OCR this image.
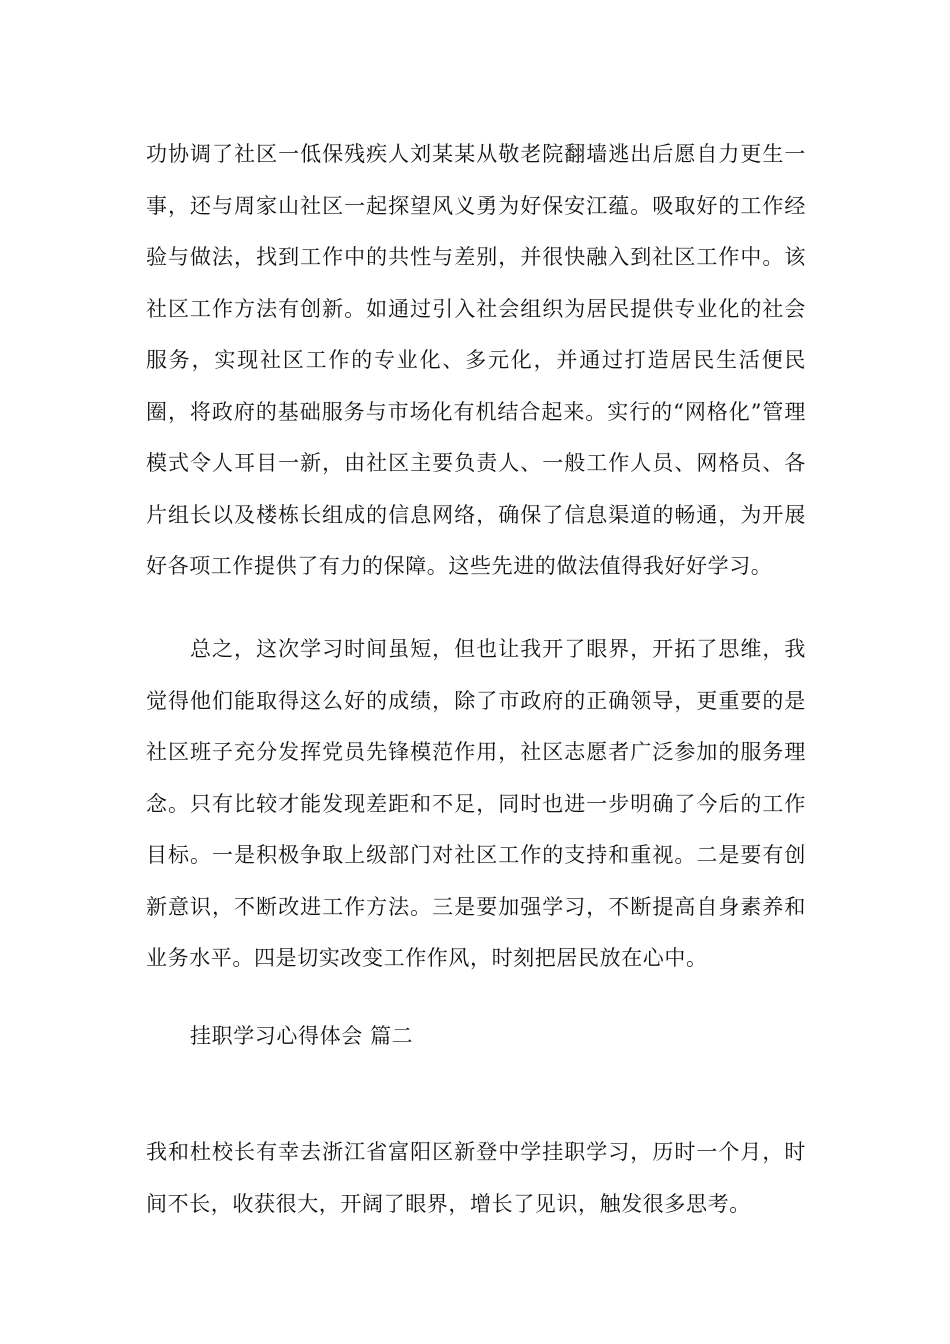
功协调了社区一低保残疾人刘某某从敬老院翻墙逃出后愿自力更生一事，还与周家山社区一起探望风义勇为好保安江蕴。吸取好的工作经验与做法，找到工作中的共性与差别，并很快融入到社区工作中。该社区工作方法有创新。如通过引入社会组织为居民提供专业化的社会服务，实现社区工作的专业化、多元化，并通过打造居民生活便民圈，将政府的基础服务与市场化有机结合起来。实行的“网格化”管理模式令人耳目一新，由社区主要负责人、一般工作人员、网格员、各片组长以及楼栋长组成的信息网络，确保了信息渠道的畅通，为开展好各项工作提供了有力的保障。这些先进的做法值得我好好学习。

总之，这次学习时间虽短，但也让我开了眼界，开拓了思维，我觉得他们能取得这么好的成绩，除了市政府的正确领导，更重要的是社区班子充分发挥党员先锋模范作用，社区志愿者广泛参加的服务理念。只有比较才能发现差距和不足，同时也进一步明确了今后的工作目标。一是积极争取上级部门对社区工作的支持和重视。二是要有创新意识，不断改进工作方法。三是要加强学习，不断提高自身素养和业务水平。四是切实改变工作作风，时刻把居民放在心中。

挂职学习心得体会 篇二

我和杜校长有幸去浙江省富阳区新登中学挂职学习，历时一个月，时间不长，收获很大，开阔了眼界，增长了见识，触发很多思考。
